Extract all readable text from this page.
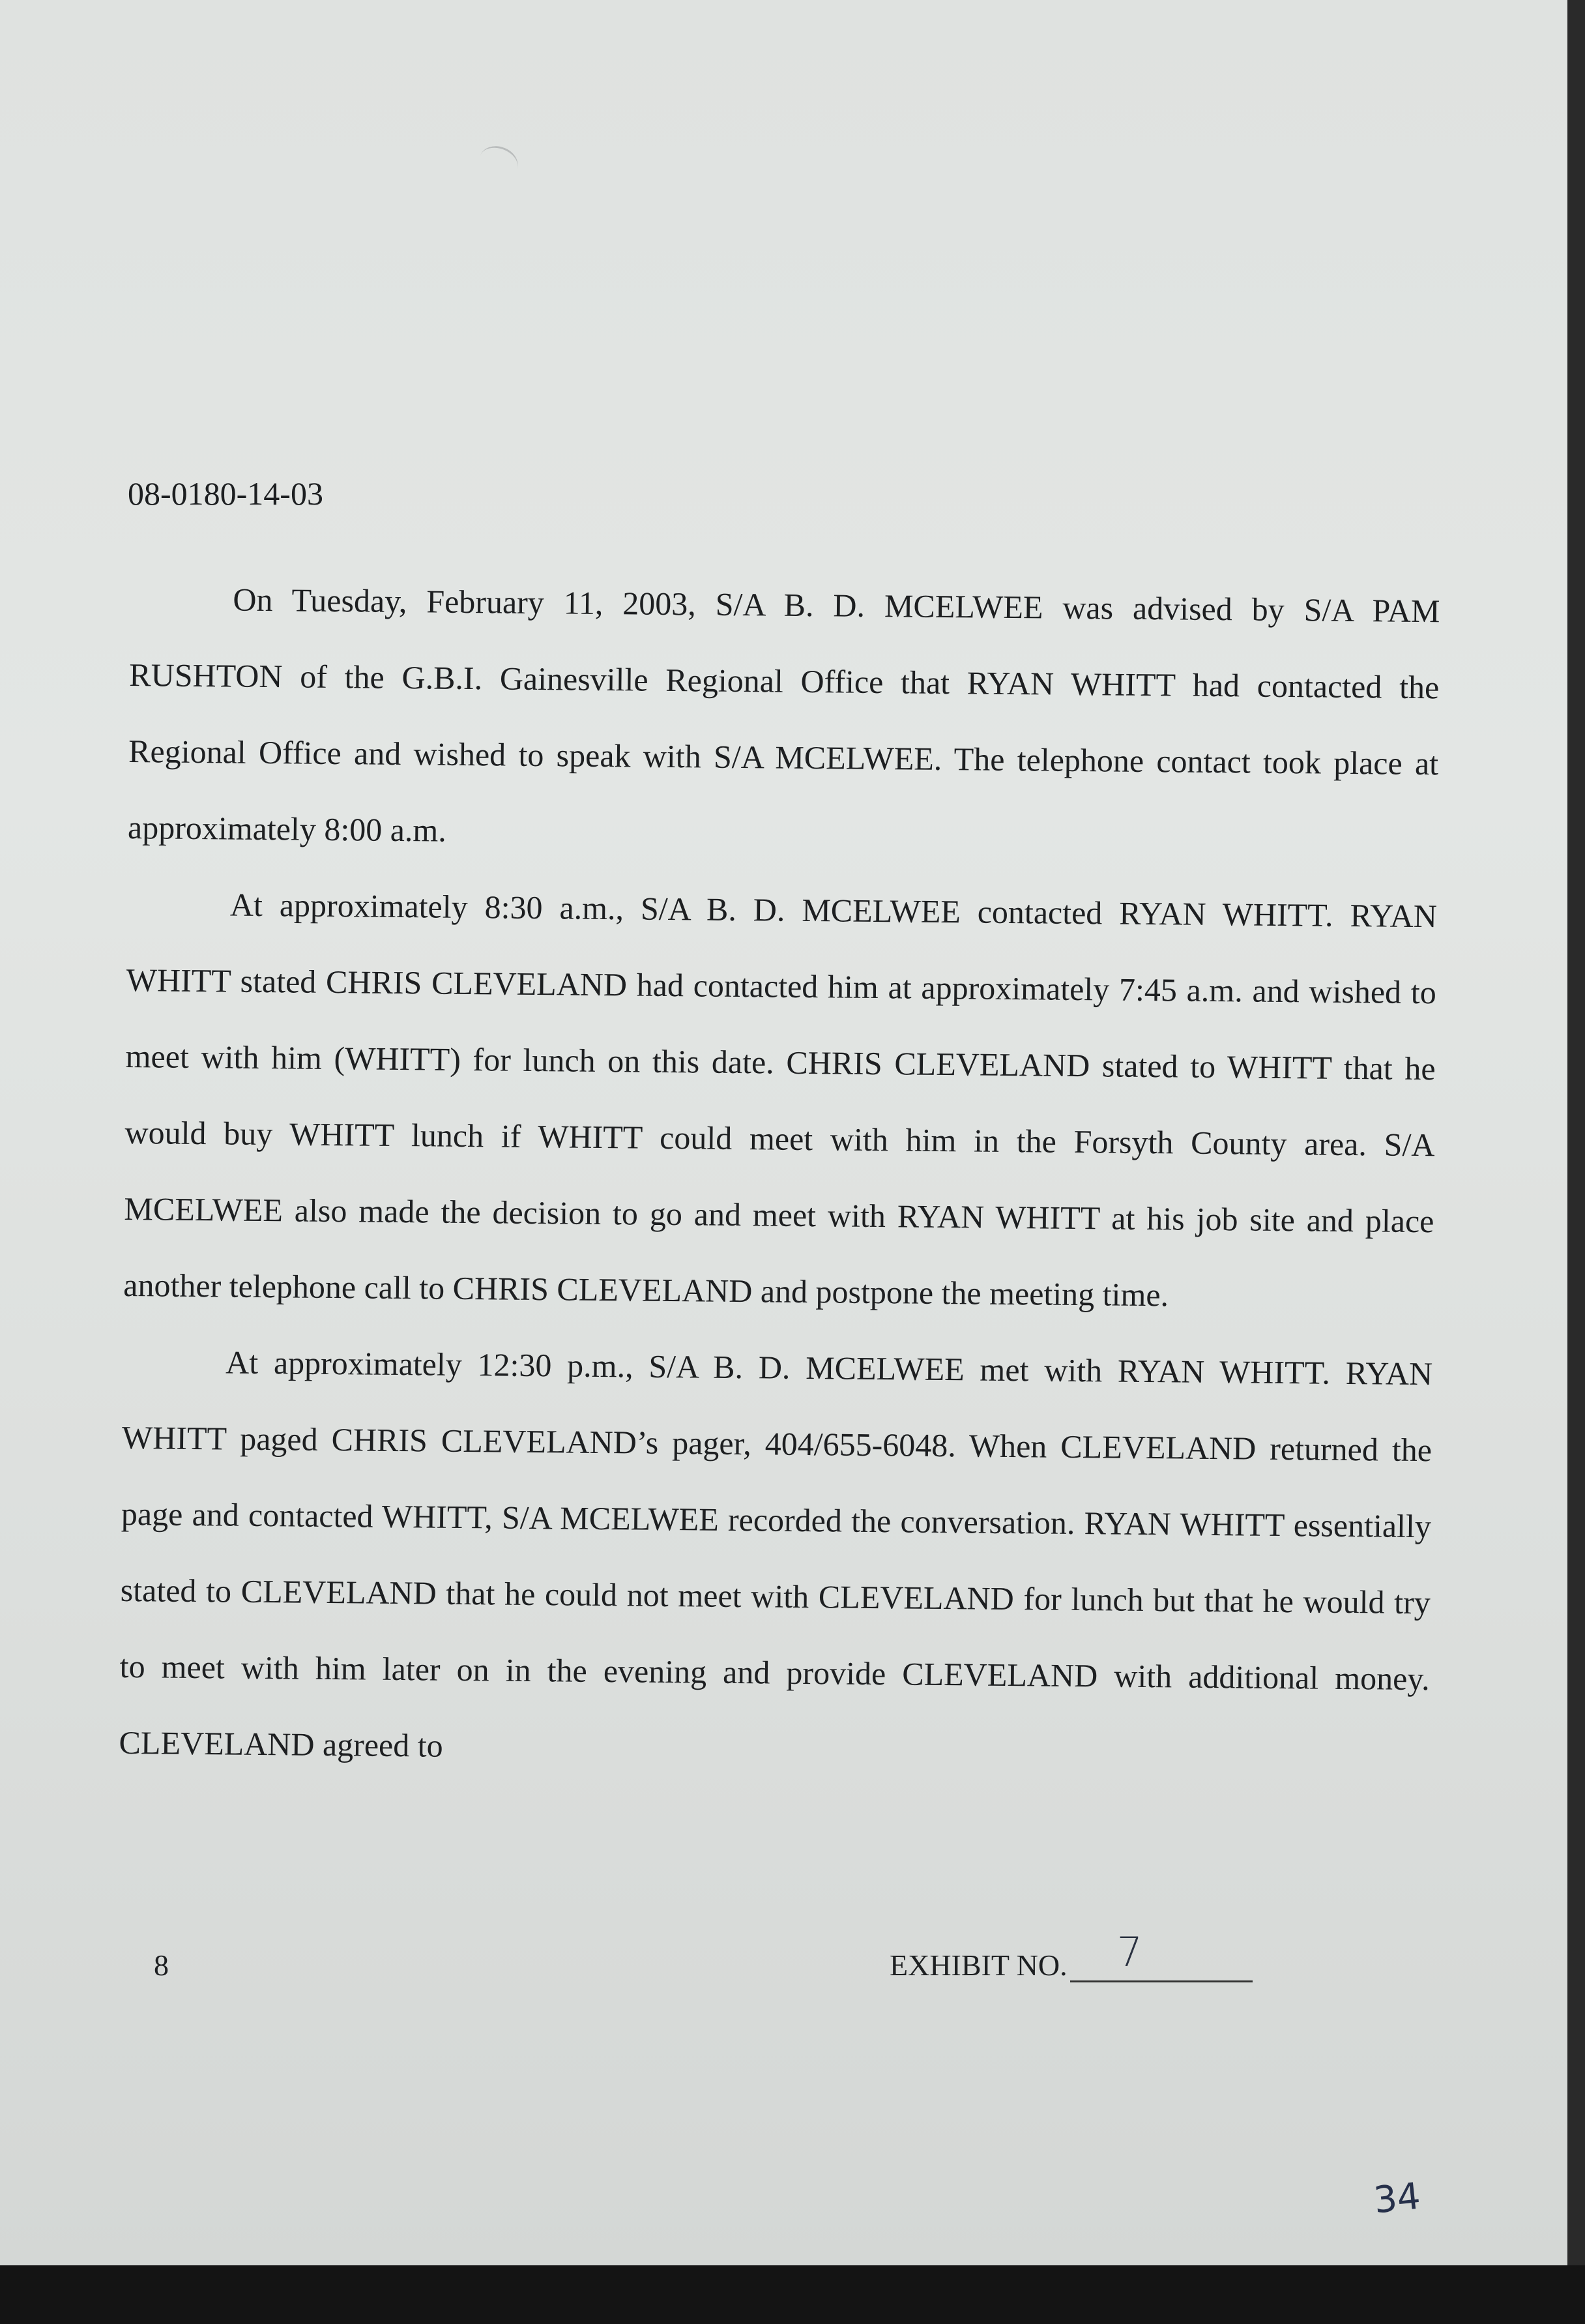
08-0180-14-03

On Tuesday, February 11, 2003, S/A B. D. MCELWEE was advised by S/A PAM RUSHTON of the G.B.I. Gainesville Regional Office that RYAN WHITT had contacted the Regional Office and wished to speak with S/A MCELWEE. The telephone contact took place at approximately 8:00 a.m.

At approximately 8:30 a.m., S/A B. D. MCELWEE contacted RYAN WHITT. RYAN WHITT stated CHRIS CLEVELAND had contacted him at approximately 7:45 a.m. and wished to meet with him (WHITT) for lunch on this date. CHRIS CLEVELAND stated to WHITT that he would buy WHITT lunch if WHITT could meet with him in the Forsyth County area. S/A MCELWEE also made the decision to go and meet with RYAN WHITT at his job site and place another telephone call to CHRIS CLEVELAND and postpone the meeting time.

At approximately 12:30 p.m., S/A B. D. MCELWEE met with RYAN WHITT. RYAN WHITT paged CHRIS CLEVELAND’s pager, 404/655-6048. When CLEVELAND returned the page and contacted WHITT, S/A MCELWEE recorded the conversation. RYAN WHITT essentially stated to CLEVELAND that he could not meet with CLEVELAND for lunch but that he would try to meet with him later on in the evening and provide CLEVELAND with additional money. CLEVELAND agreed to

8	EXHIBIT NO. 7
34
